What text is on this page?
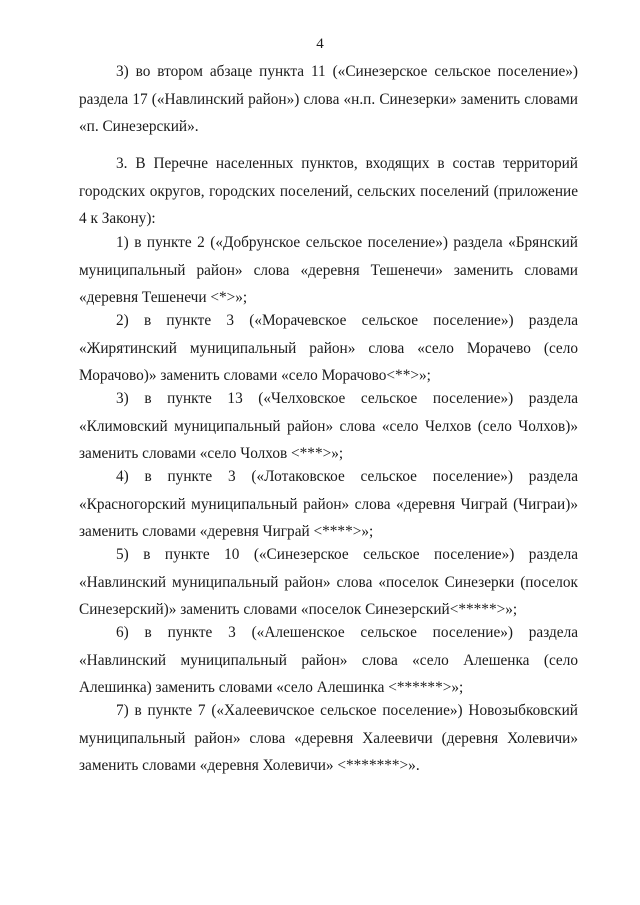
4

3) во втором абзаце пункта 11 («Синезерское сельское поселение») раздела 17 («Навлинский район») слова «н.п. Синезерки» заменить словами «п. Синезерский».

3. В Перечне населенных пунктов, входящих в состав территорий городских округов, городских поселений, сельских поселений (приложение 4 к Закону):

1) в пункте 2 («Добрунское сельское поселение») раздела «Брянский муниципальный район» слова «деревня Тешенечи» заменить словами «деревня Тешенечи <*>»;

2) в пункте 3 («Морачевское сельское поселение») раздела «Жирятинский муниципальный район» слова «село Морачево (село Морачово)» заменить словами «село Морачово<**>»;

3) в пункте 13 («Челховское сельское поселение») раздела «Климовский муниципальный район» слова «село Челхов (село Чолхов)» заменить словами «село Чолхов <***>»;

4) в пункте 3 («Лотаковское сельское поселение») раздела «Красногорский муниципальный район» слова «деревня Чиграй (Чиграи)» заменить словами «деревня Чиграй <****>»;

5) в пункте 10 («Синезерское сельское поселение») раздела «Навлинский муниципальный район» слова «поселок Синезерки (поселок Синезерский)» заменить словами «поселок Синезерский<*****>»;

6) в пункте 3 («Алешенское сельское поселение») раздела «Навлинский муниципальный район» слова «село Алешенка (село Алешинка) заменить словами «село Алешинка <******>»;

7) в пункте 7 («Халеевичское сельское поселение») Новозыбковский муниципальный район» слова «деревня Халеевичи (деревня Холевичи» заменить словами «деревня Холевичи» <*******>».
